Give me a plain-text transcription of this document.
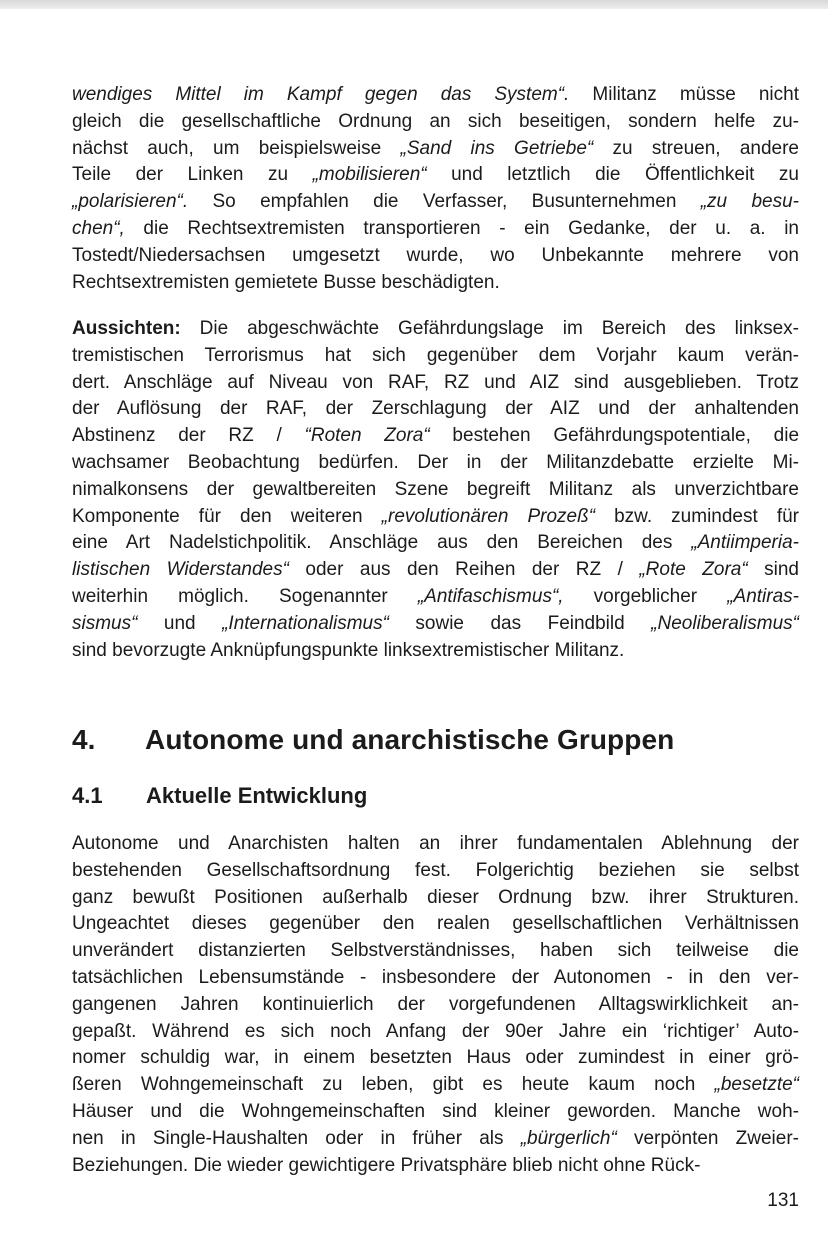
wendiges Mittel im Kampf gegen das System“. Militanz müsse nicht
gleich die gesellschaftliche Ordnung an sich beseitigen, sondern helfe zu-
nächst auch, um beispielsweise „Sand ins Getriebe“ zu streuen, andere
Teile der Linken zu „mobilisieren“ und letztlich die Öffentlichkeit zu
„polarisieren“. So empfahlen die Verfasser, Busunternehmen „zu besu-
chen“, die Rechtsextremisten transportieren - ein Gedanke, der u. a. in
Tostedt/Niedersachsen umgesetzt wurde, wo Unbekannte mehrere von
Rechtsextremisten gemietete Busse beschädigten.
Aussichten: Die abgeschwächte Gefährdungslage im Bereich des linksex-
tremistischen Terrorismus hat sich gegenüber dem Vorjahr kaum verän-
dert. Anschläge auf Niveau von RAF, RZ und AIZ sind ausgeblieben. Trotz
der Auflösung der RAF, der Zerschlagung der AIZ und der anhaltenden
Abstinenz der RZ / “Roten Zora“ bestehen Gefährdungspotentiale, die
wachsamer Beobachtung bedürfen. Der in der Militanzdebatte erzielte Mi-
nimalkonsens der gewaltbereiten Szene begreift Militanz als unverzichtbare
Komponente für den weiteren „revolutionären Prozeß“ bzw. zumindest für
eine Art Nadelstichpolitik. Anschläge aus den Bereichen des „Antiimperia-
listischen Widerstandes“ oder aus den Reihen der RZ / „Rote Zora“ sind
weiterhin möglich. Sogenannter „Antifaschismus“, vorgeblicher „Antiras-
sismus“ und „Internationalismus“ sowie das Feindbild „Neoliberalismus“
sind bevorzugte Anknüpfungspunkte linksextremistischer Militanz.
4. Autonome und anarchistische Gruppen
4.1 Aktuelle Entwicklung
Autonome und Anarchisten halten an ihrer fundamentalen Ablehnung der
bestehenden Gesellschaftsordnung fest. Folgerichtig beziehen sie selbst
ganz bewußt Positionen außerhalb dieser Ordnung bzw. ihrer Strukturen.
Ungeachtet dieses gegenüber den realen gesellschaftlichen Verhältnissen
unverändert distanzierten Selbstverständnisses, haben sich teilweise die
tatsächlichen Lebensumstände - insbesondere der Autonomen - in den ver-
gangenen Jahren kontinuierlich der vorgefundenen Alltagswirklichkeit an-
gepaßt. Während es sich noch Anfang der 90er Jahre ein ‘richtiger’ Auto-
nomer schuldig war, in einem besetzten Haus oder zumindest in einer grö-
ßeren Wohngemeinschaft zu leben, gibt es heute kaum noch „besetzte“
Häuser und die Wohngemeinschaften sind kleiner geworden. Manche woh-
nen in Single-Haushalten oder in früher als „bürgerlich“ verpönten Zweier-
Beziehungen. Die wieder gewichtigere Privatsphäre blieb nicht ohne Rück-
131
